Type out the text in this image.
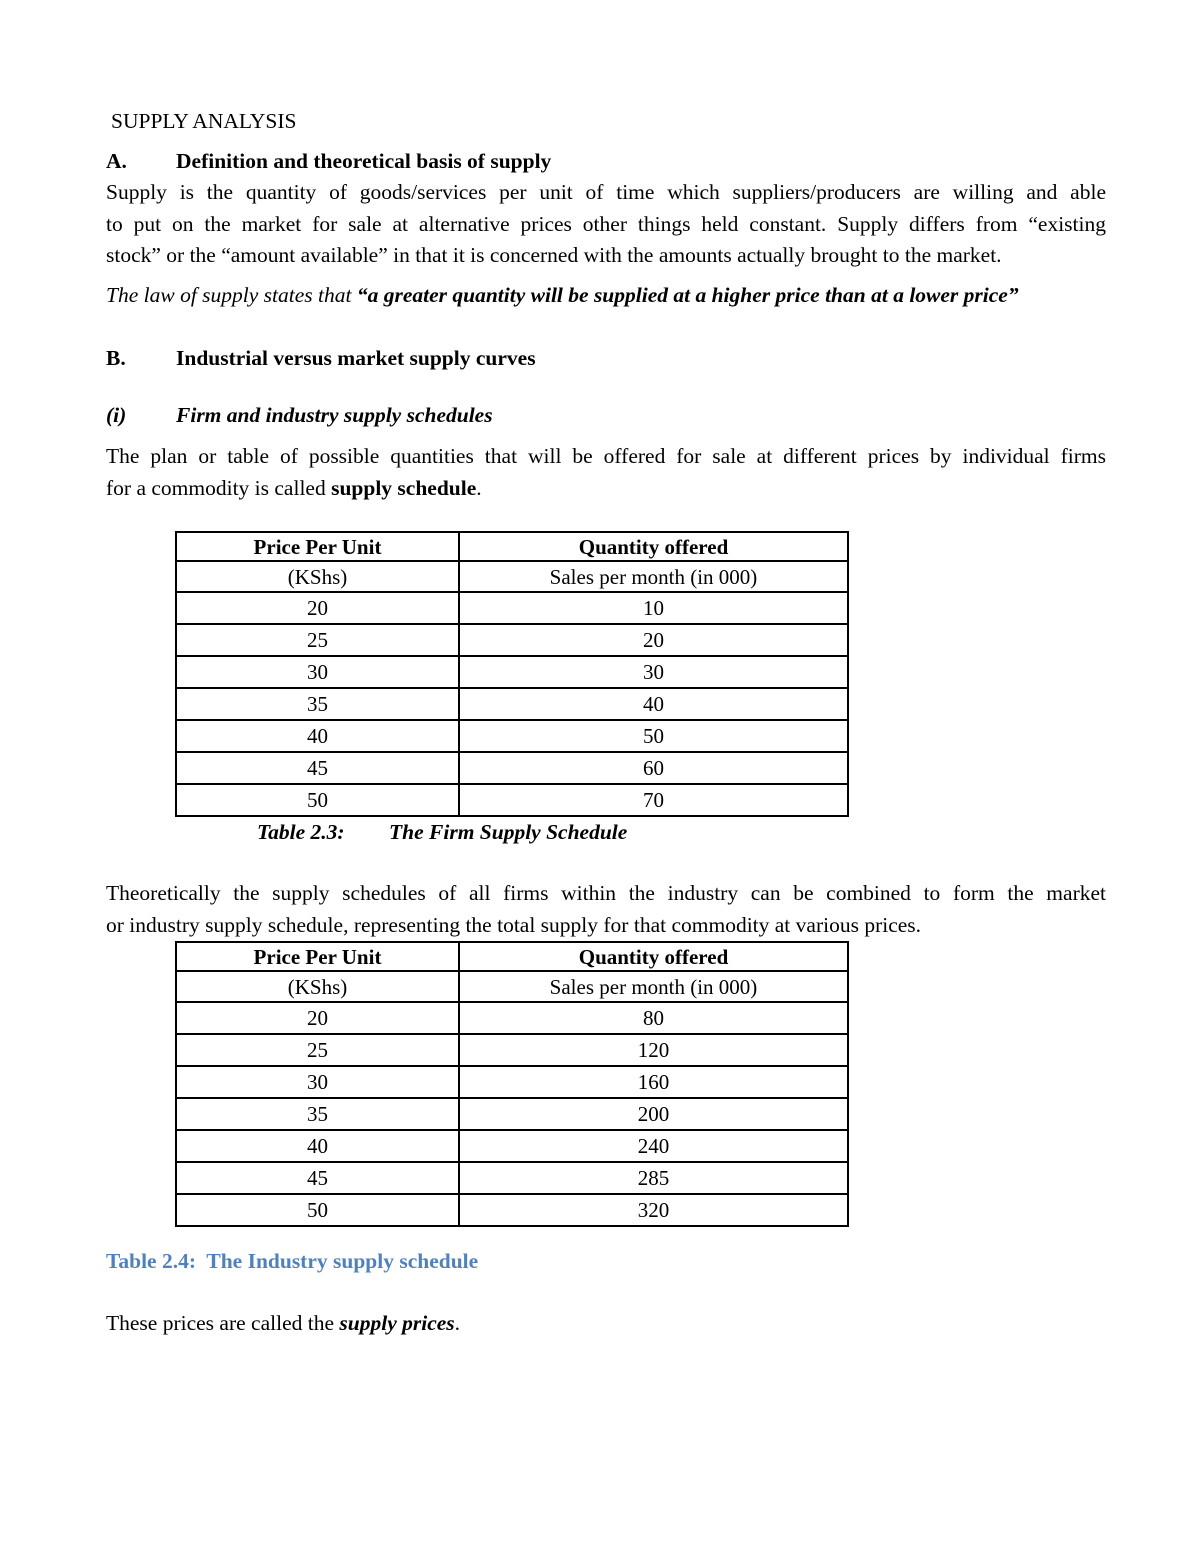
SUPPLY ANALYSIS
A. Definition and theoretical basis of supply
Supply is the quantity of goods/services per unit of time which suppliers/producers are willing and able
to put on the market for sale at alternative prices other things held constant. Supply differs from “existing
stock” or the “amount available” in that it is concerned with the amounts actually brought to the market.
The law of supply states that “a greater quantity will be supplied at a higher price than at a lower price”
B. Industrial versus market supply curves
(i) Firm and industry supply schedules
The plan or table of possible quantities that will be offered for sale at different prices by individual firms
for a commodity is called supply schedule.
Price Per Unit	Quantity offered
(KShs)	Sales per month (in 000)
20	10
25	20
30	30
35	40
40	50
45	60
50	70
Table 2.3: The Firm Supply Schedule
Theoretically the supply schedules of all firms within the industry can be combined to form the market
or industry supply schedule, representing the total supply for that commodity at various prices.
Price Per Unit	Quantity offered
(KShs)	Sales per month (in 000)
20	80
25	120
30	160
35	200
40	240
45	285
50	320
Table 2.4:  The Industry supply schedule
These prices are called the supply prices.
